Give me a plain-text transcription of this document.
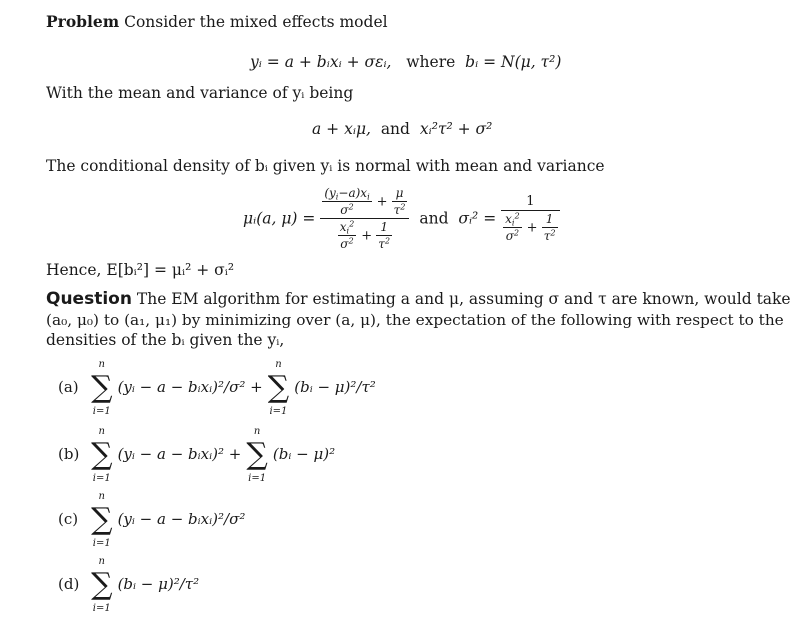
Problem Consider the mixed effects model
yᵢ = a + bᵢxᵢ + σεᵢ, where bᵢ = N(μ, τ²)
With the mean and variance of yᵢ being
a + xᵢμ, and xᵢ²τ² + σ²
The conditional density of bᵢ given yᵢ is normal with mean and variance
μᵢ(a, $\mu) = \frac{\frac{(y_i-a)x_i}{\sigma^2} + \frac{\mu}{\tau^2}}{\frac{x_i^2}{\sigma^2} + \frac{1}{\tau^2}}$ and σᵢ² = $\frac{1}{\frac{x_i^2}{\sigma^2} + \frac{1}{\tau^2}}$
Hence, E[bᵢ²] = μᵢ² + σᵢ²
Question The EM algorithm for estimating a and μ, assuming σ and τ are known, would take
(a₀, μ₀) to (a₁, μ₁) by minimizing over (a, μ), the expectation of the following with respect to the
densities of the bᵢ given the yᵢ,
(a)
n
∑
i=1
(yᵢ − a − bᵢxᵢ)²/σ² +
n
∑
i=1
(bᵢ − μ)²/τ²
(b)
n
∑
i=1
(yᵢ − a − bᵢxᵢ)² +
n
∑
i=1
(bᵢ − μ)²
(c)
n
∑
i=1
(yᵢ − a − bᵢxᵢ)²/σ²
(d)
n
∑
i=1
(bᵢ − μ)²/τ²
